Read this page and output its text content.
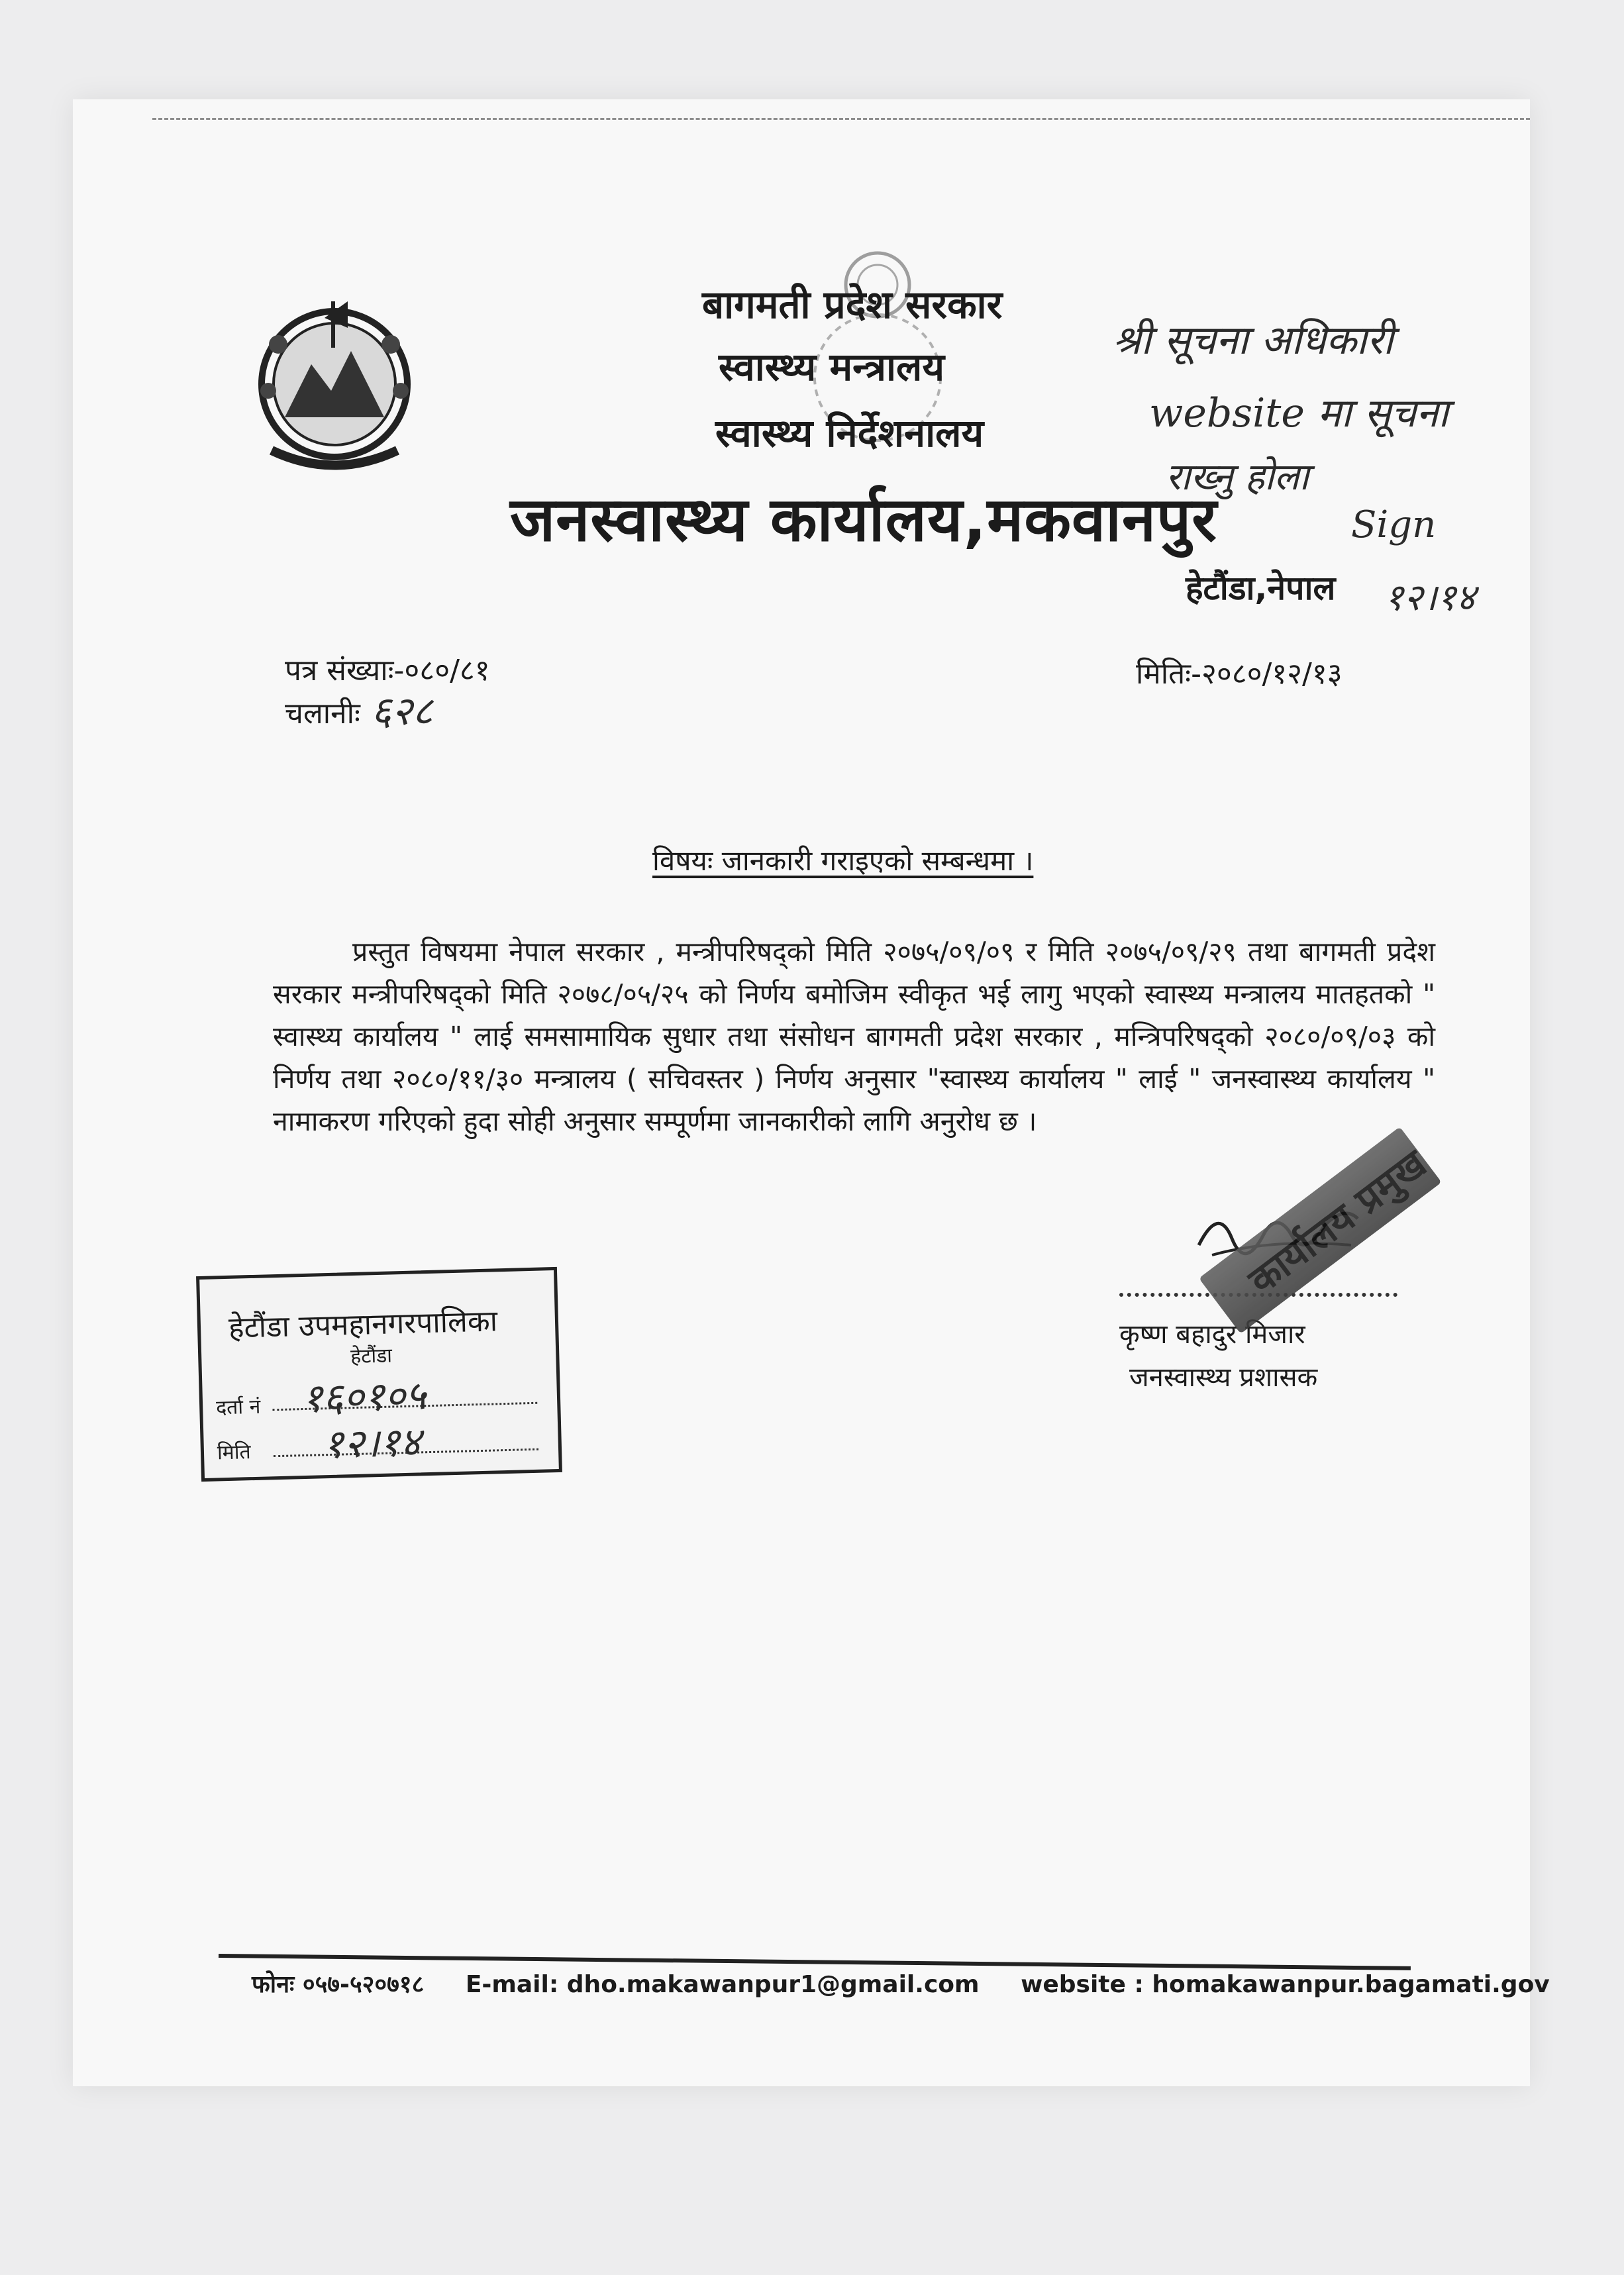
बागमती प्रदेश सरकार
स्वास्थ्य मन्त्रालय
स्वास्थ्य निर्देशनालय
जनस्वास्थ्य कार्यालय,मकवानपुर
हेटौंडा,नेपाल
श्री सूचना अधिकारी
website मा सूचना
राख्नु होला
Sign
१२।१४
पत्र संख्याः-०८०/८१
चलानीः ६२८
मितिः-२०८०/१२/१३
विषयः जानकारी गराइएको सम्बन्धमा ।
प्रस्तुत विषयमा नेपाल सरकार , मन्त्रीपरिषद्को मिति २०७५/०९/०९ र मिति २०७५/०९/२९ तथा बागमती प्रदेश सरकार मन्त्रीपरिषद्को मिति २०७८/०५/२५ को निर्णय बमोजिम स्वीकृत भई लागु भएको स्वास्थ्य मन्त्रालय मातहतको " स्वास्थ्य कार्यालय " लाई समसामायिक सुधार तथा संसोधन बागमती प्रदेश सरकार , मन्त्रिपरिषद्को २०८०/०९/०३ को निर्णय तथा २०८०/११/३० मन्त्रालय ( सचिवस्तर ) निर्णय अनुसार "स्वास्थ्य कार्यालय " लाई " जनस्वास्थ्य कार्यालय " नामाकरण गरिएको हुदा सोही अनुसार सम्पूर्णमा जानकारीको लागि अनुरोध छ ।
हेटौंडा उपमहानगरपालिका
हेटौंडा
दर्ता नं १६०१०५
मिति १२।१४
कृष्ण बहादुर मिजार
जनस्वास्थ्य प्रशासक
कार्यालय प्रमुख
फोनः ०५७-५२०७१८ E-mail: dho.makawanpur1@gmail.com website : homakawanpur.bagamati.gov
